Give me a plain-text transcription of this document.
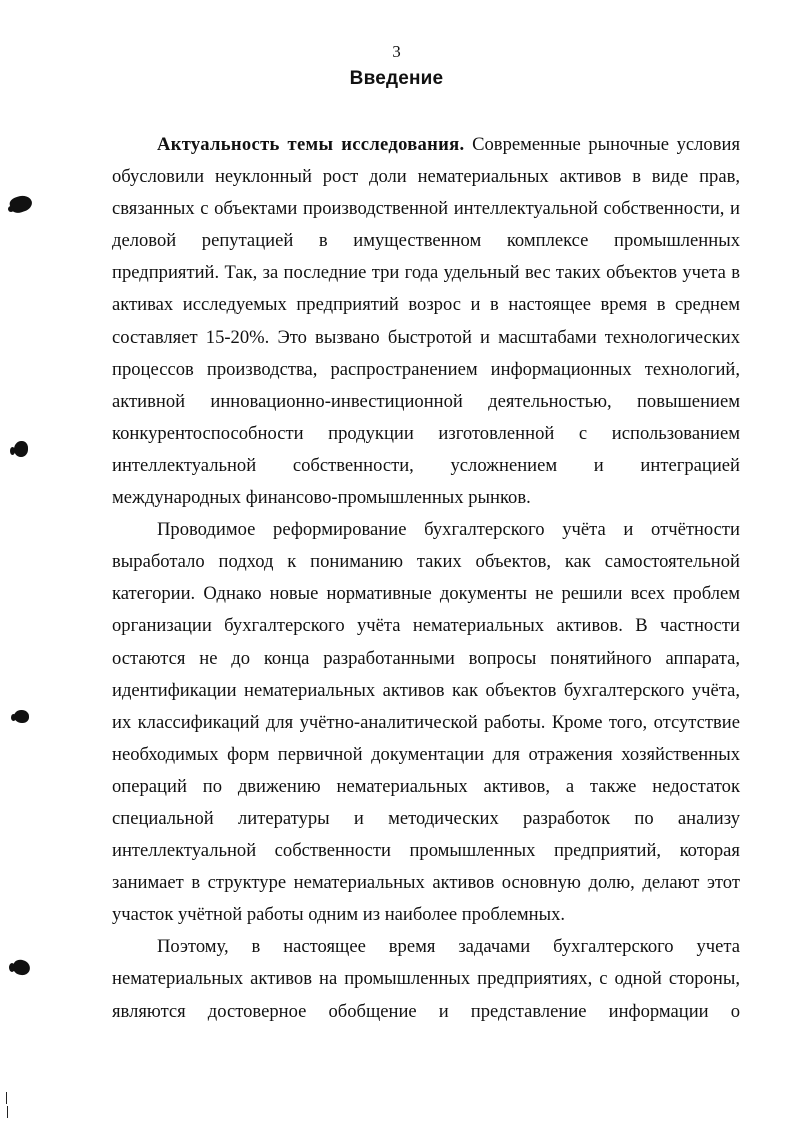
3
Введение

Актуальность темы исследования. Современные рыночные условия обусловили неуклонный рост доли нематериальных активов в виде прав, связанных с объектами производственной интеллектуальной собственности, и деловой репутацией в имущественном комплексе промышленных предприятий. Так, за последние три года удельный вес таких объектов учета в активах исследуемых предприятий возрос и в настоящее время в среднем составляет 15-20%. Это вызвано быстротой и масштабами технологических процессов производства, распространением информационных технологий, активной инновационно-инвестиционной деятельностью, повышением конкурентоспособности продукции изготовленной с использованием интеллектуальной собственности, усложнением и интеграцией международных финансово-промышленных рынков.

Проводимое реформирование бухгалтерского учёта и отчётности выработало подход к пониманию таких объектов, как самостоятельной категории. Однако новые нормативные документы не решили всех проблем организации бухгалтерского учёта нематериальных активов. В частности остаются не до конца разработанными вопросы понятийного аппарата, идентификации нематериальных активов как объектов бухгалтерского учёта, их классификаций для учётно-аналитической работы. Кроме того, отсутствие необходимых форм первичной документации для отражения хозяйственных операций по движению нематериальных активов, а также недостаток специальной литературы и методических разработок по анализу интеллектуальной собственности промышленных предприятий, которая занимает в структуре нематериальных активов основную долю, делают этот участок учётной работы одним из наиболее проблемных.

Поэтому, в настоящее время задачами бухгалтерского учета нематериальных активов на промышленных предприятиях, с одной стороны, являются достоверное обобщение и представление информации о
